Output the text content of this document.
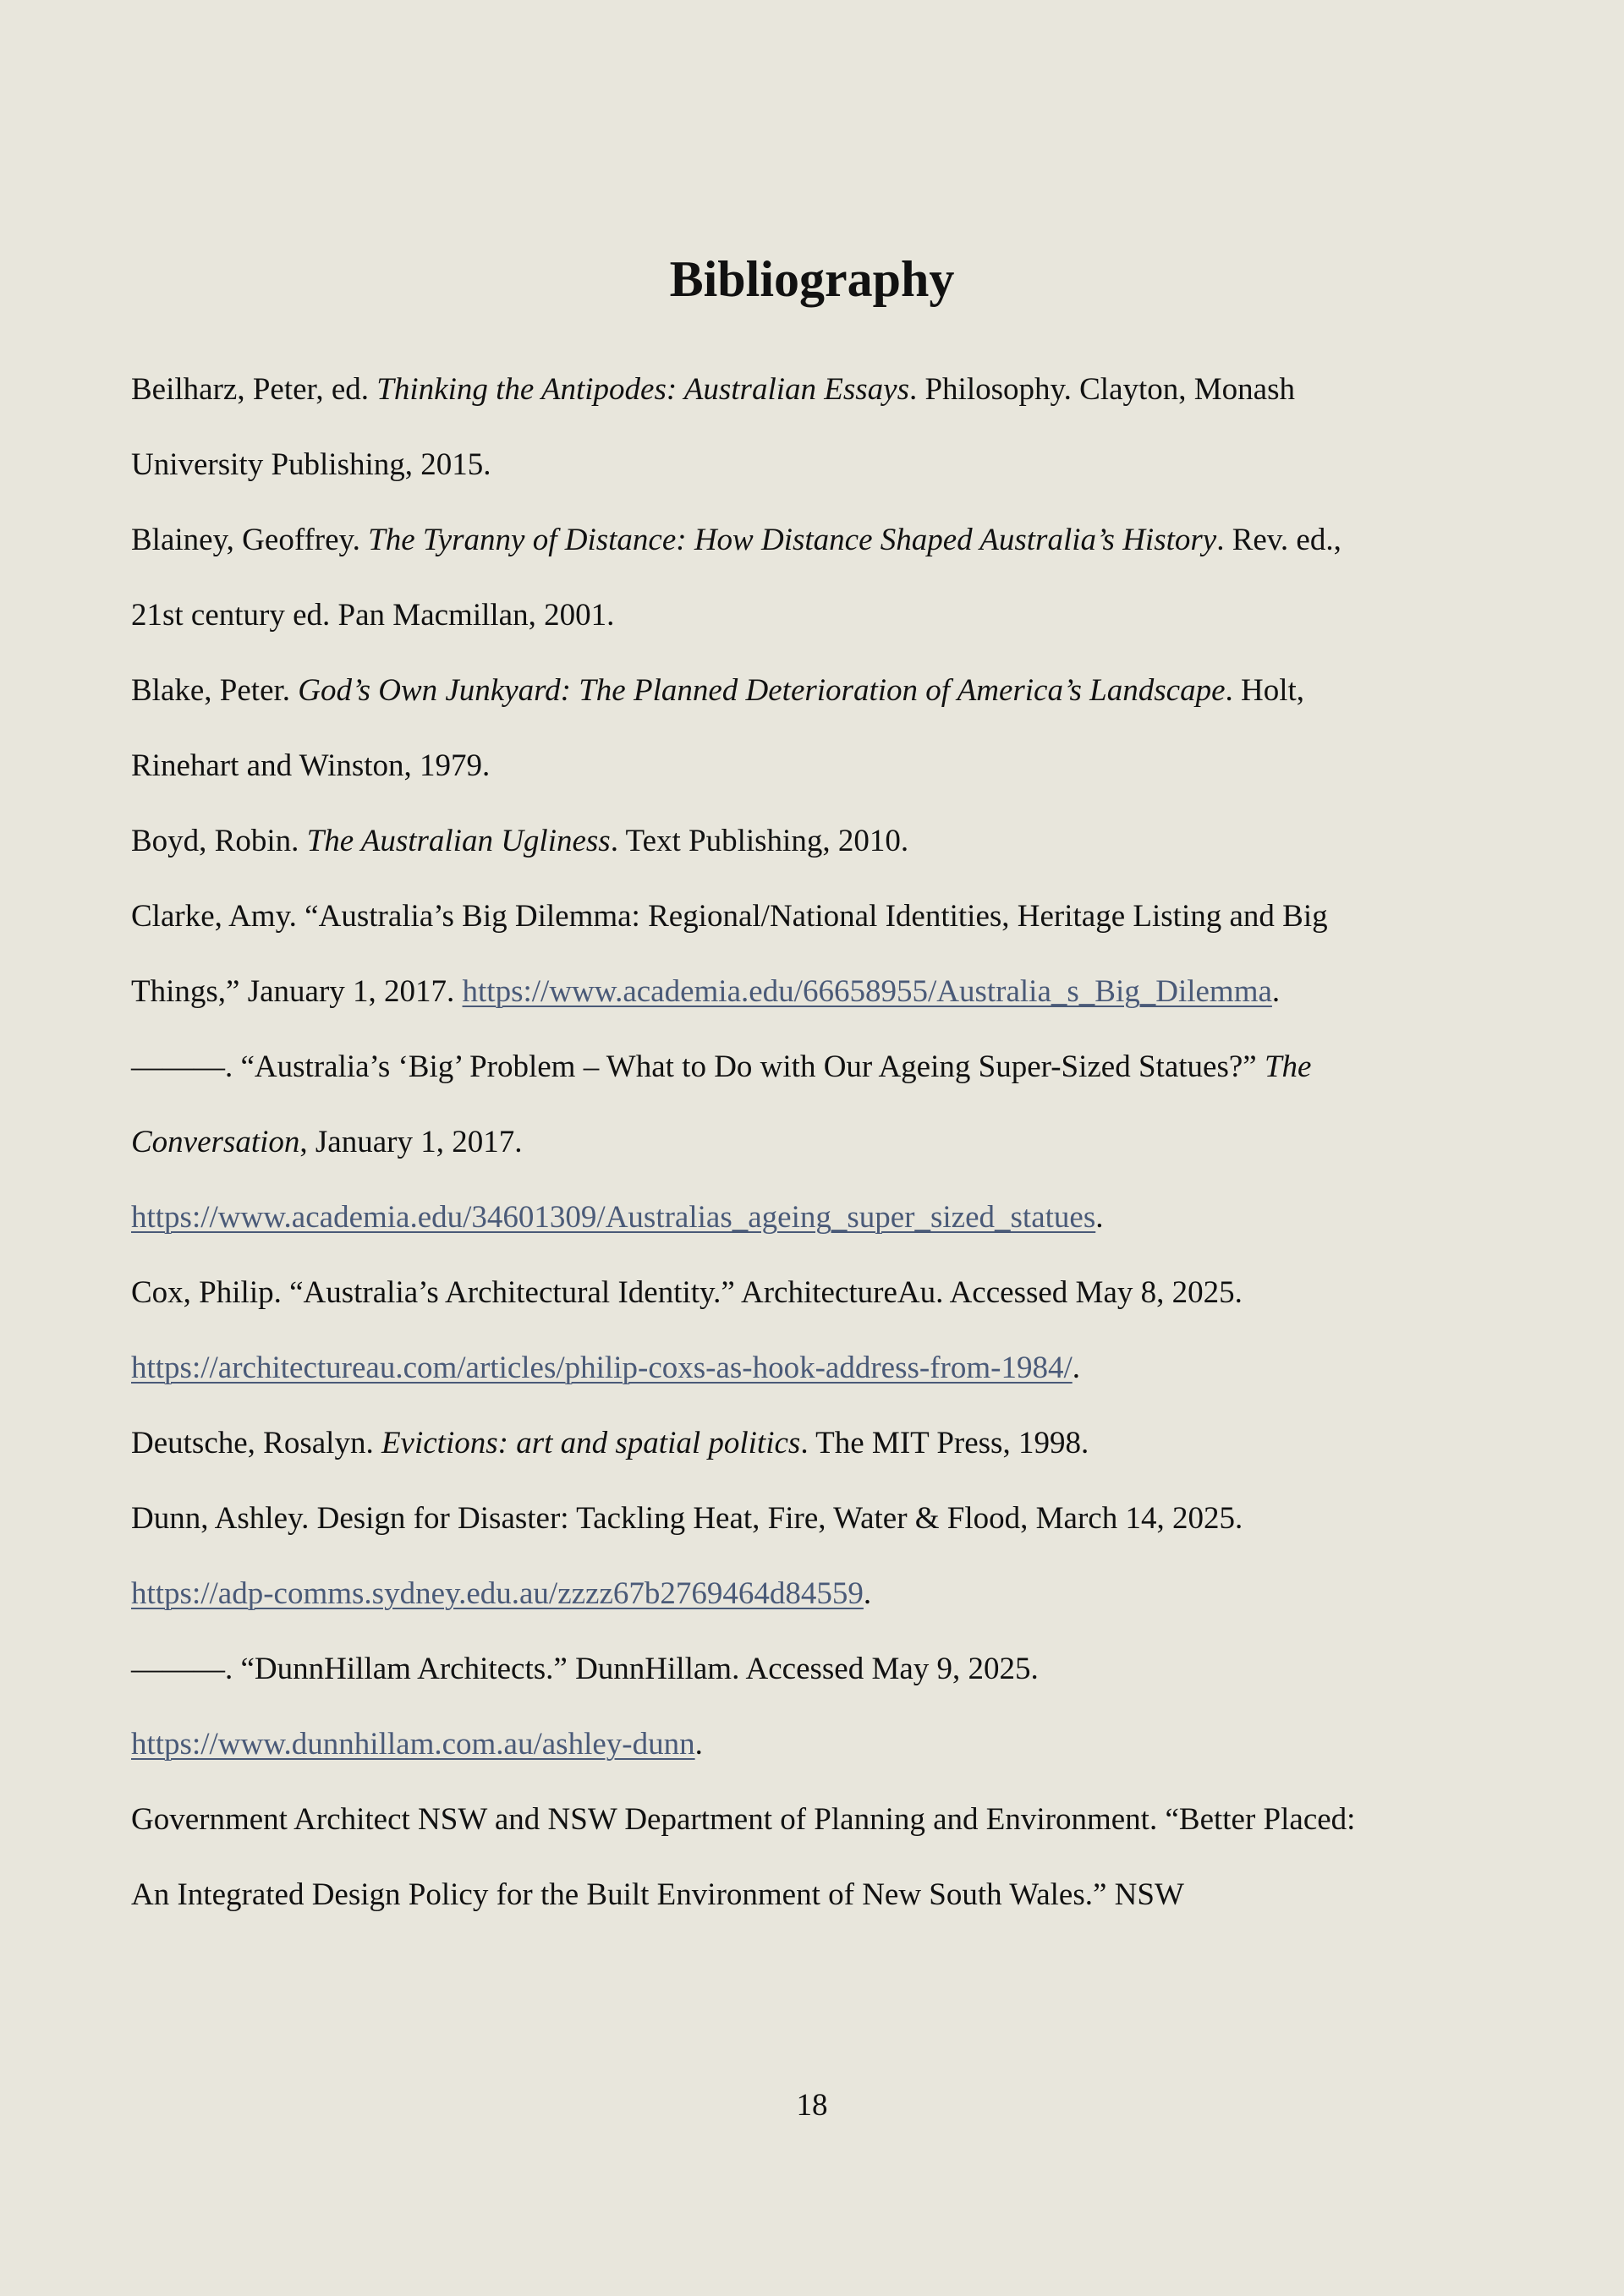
Bibliography

Beilharz, Peter, ed. Thinking the Antipodes: Australian Essays. Philosophy. Clayton, Monash
University Publishing, 2015.

Blainey, Geoffrey. The Tyranny of Distance: How Distance Shaped Australia’s History. Rev. ed.,
21st century ed. Pan Macmillan, 2001.

Blake, Peter. God’s Own Junkyard: The Planned Deterioration of America’s Landscape. Holt,
Rinehart and Winston, 1979.

Boyd, Robin. The Australian Ugliness. Text Publishing, 2010.

Clarke, Amy. “Australia’s Big Dilemma: Regional/National Identities, Heritage Listing and Big
Things,” January 1, 2017. https://www.academia.edu/66658955/Australia_s_Big_Dilemma.

———. “Australia’s ‘Big’ Problem – What to Do with Our Ageing Super-Sized Statues?” The
Conversation, January 1, 2017.
https://www.academia.edu/34601309/Australias_ageing_super_sized_statues.

Cox, Philip. “Australia’s Architectural Identity.” ArchitectureAu. Accessed May 8, 2025.
https://architectureau.com/articles/philip-coxs-as-hook-address-from-1984/.

Deutsche, Rosalyn. Evictions: art and spatial politics. The MIT Press, 1998.

Dunn, Ashley. Design for Disaster: Tackling Heat, Fire, Water & Flood, March 14, 2025.
https://adp-comms.sydney.edu.au/zzzz67b2769464d84559.

———. “DunnHillam Architects.” DunnHillam. Accessed May 9, 2025.
https://www.dunnhillam.com.au/ashley-dunn.

Government Architect NSW and NSW Department of Planning and Environment. “Better Placed:
An Integrated Design Policy for the Built Environment of New South Wales.” NSW

18
